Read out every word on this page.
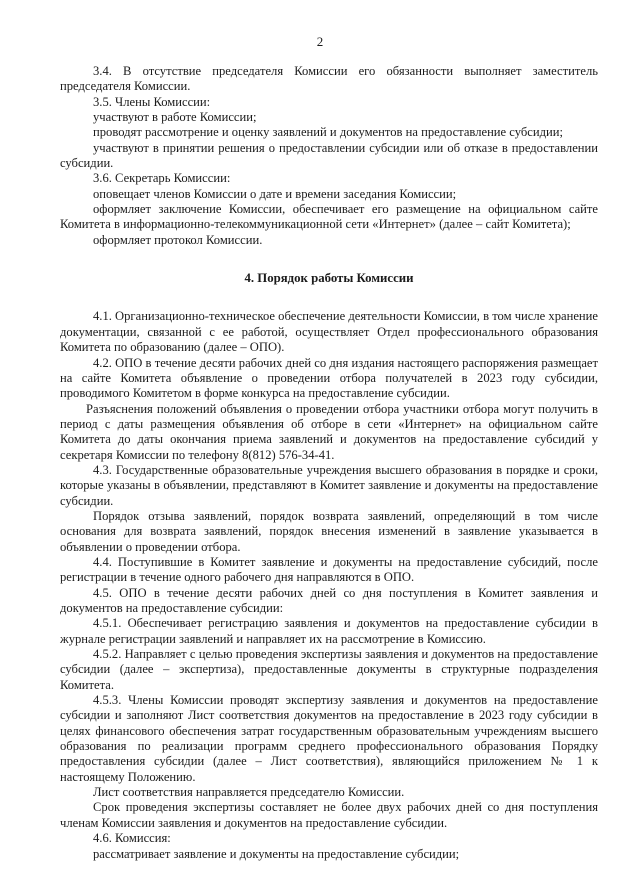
2

3.4. В отсутствие председателя Комиссии его обязанности выполняет заместитель председателя Комиссии.

3.5. Члены Комиссии:

участвуют в работе Комиссии;

проводят рассмотрение и оценку заявлений и документов на предоставление субсидии;

участвуют в принятии решения о предоставлении субсидии или об отказе в предоставлении субсидии.

3.6. Секретарь Комиссии:

оповещает членов Комиссии о дате и времени заседания Комиссии;

оформляет заключение Комиссии, обеспечивает его размещение на официальном сайте Комитета в информационно-телекоммуникационной сети «Интернет» (далее – сайт Комитета);

оформляет протокол Комиссии.

4. Порядок работы Комиссии

4.1. Организационно-техническое обеспечение деятельности Комиссии, в том числе хранение документации, связанной с ее работой, осуществляет Отдел профессионального образования Комитета по образованию (далее – ОПО).

4.2. ОПО в течение десяти рабочих дней со дня издания настоящего распоряжения размещает на сайте Комитета объявление о проведении отбора получателей в 2023 году субсидии, проводимого Комитетом в форме конкурса на предоставление субсидии.

Разъяснения положений объявления о проведении отбора участники отбора могут получить в период с даты размещения объявления об отборе в сети «Интернет» на официальном сайте Комитета до даты окончания приема заявлений и документов на предоставление субсидий у секретаря Комиссии по телефону 8(812) 576-34-41.

4.3. Государственные образовательные учреждения высшего образования в порядке и сроки, которые указаны в объявлении, представляют в Комитет заявление и документы на предоставление субсидии.

Порядок отзыва заявлений, порядок возврата заявлений, определяющий в том числе основания для возврата заявлений, порядок внесения изменений в заявление указывается в объявлении о проведении отбора.

4.4. Поступившие в Комитет заявление и документы на предоставление субсидий, после регистрации в течение одного рабочего дня направляются в ОПО.

4.5. ОПО в течение десяти рабочих дней со дня поступления в Комитет заявления и документов на предоставление субсидии:

4.5.1. Обеспечивает регистрацию заявления и документов на предоставление субсидии в журнале регистрации заявлений и направляет их на рассмотрение в Комиссию.

4.5.2. Направляет с целью проведения экспертизы заявления и документов на предоставление субсидии (далее – экспертиза), предоставленные документы в структурные подразделения Комитета.

4.5.3. Члены Комиссии проводят экспертизу заявления и документов на предоставление субсидии и заполняют Лист соответствия документов на предоставление в 2023 году субсидии в целях финансового обеспечения затрат государственным образовательным учреждениям высшего образования по реализации программ среднего профессионального образования Порядку предоставления субсидии (далее – Лист соответствия), являющийся приложением № 1 к настоящему Положению.

Лист соответствия направляется председателю Комиссии.

Срок проведения экспертизы составляет не более двух рабочих дней со дня поступления членам Комиссии заявления и документов на предоставление субсидии.

4.6. Комиссия:

рассматривает заявление и документы на предоставление субсидии;
